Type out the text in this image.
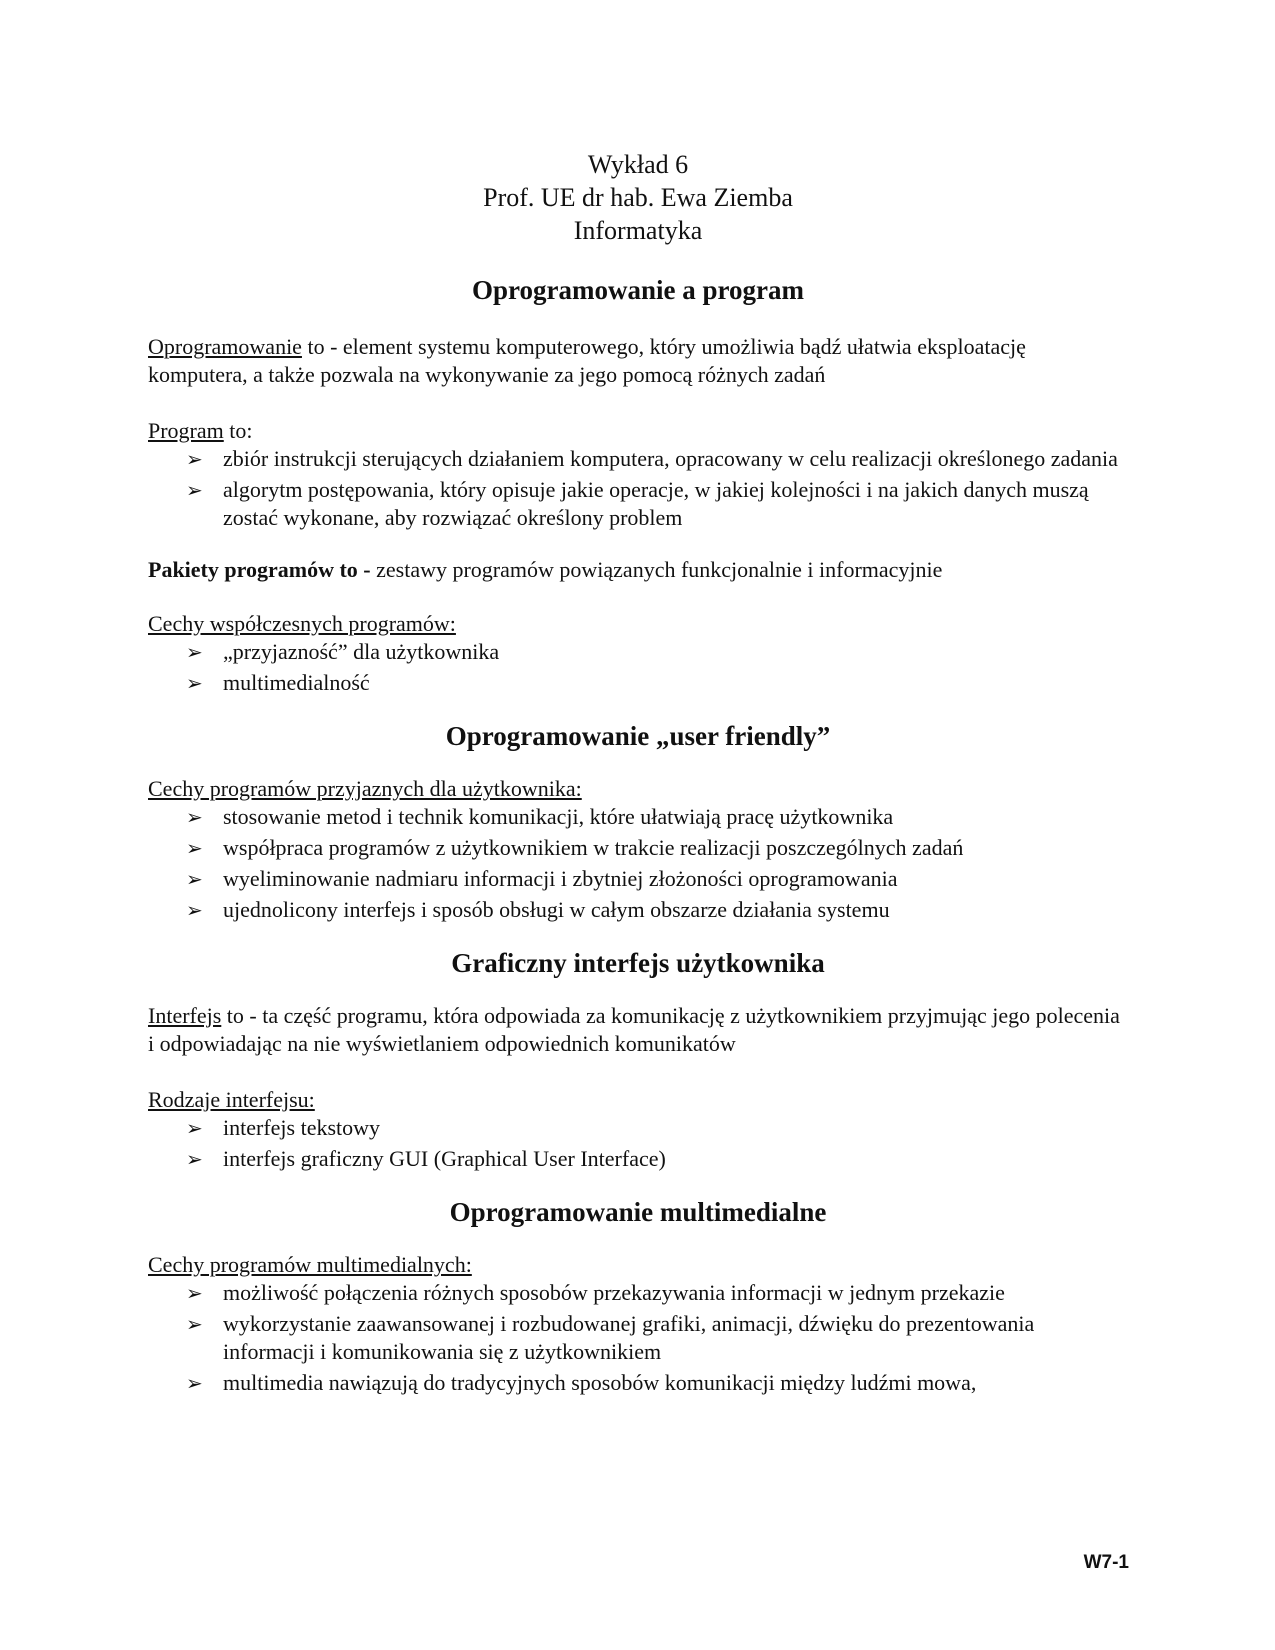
Wykład 6
Prof. UE dr hab. Ewa Ziemba
Informatyka
Oprogramowanie a program

Oprogramowanie to - element systemu komputerowego, który umożliwia bądź ułatwia eksploatację komputera, a także pozwala na wykonywanie za jego pomocą różnych zadań

Program to:

➢ zbiór instrukcji sterujących działaniem komputera, opracowany w celu realizacji określonego zadania
➢ algorytm postępowania, który opisuje jakie operacje, w jakiej kolejności i na jakich danych muszą zostać wykonane, aby rozwiązać określony problem

Pakiety programów to - zestawy programów powiązanych funkcjonalnie i informacyjnie

Cechy współczesnych programów:

➢ „przyjazność” dla użytkownika
➢ multimedialność
Oprogramowanie „user friendly”

Cechy programów przyjaznych dla użytkownika:

➢ stosowanie metod i technik komunikacji, które ułatwiają pracę użytkownika
➢ współpraca programów z użytkownikiem w trakcie realizacji poszczególnych zadań
➢ wyeliminowanie nadmiaru informacji i zbytniej złożoności oprogramowania
➢ ujednolicony interfejs i sposób obsługi w całym obszarze działania systemu
Graficzny interfejs użytkownika

Interfejs to - ta część programu, która odpowiada za komunikację z użytkownikiem przyjmując jego polecenia i odpowiadając na nie wyświetlaniem odpowiednich komunikatów

Rodzaje interfejsu:

➢ interfejs tekstowy
➢ interfejs graficzny GUI (Graphical User Interface)
Oprogramowanie multimedialne

Cechy programów multimedialnych:

➢ możliwość połączenia różnych sposobów przekazywania informacji w jednym przekazie
➢ wykorzystanie zaawansowanej i rozbudowanej grafiki, animacji, dźwięku do prezentowania informacji i komunikowania się z użytkownikiem
➢ multimedia nawiązują do tradycyjnych sposobów komunikacji między ludźmi mowa,
W7-1
